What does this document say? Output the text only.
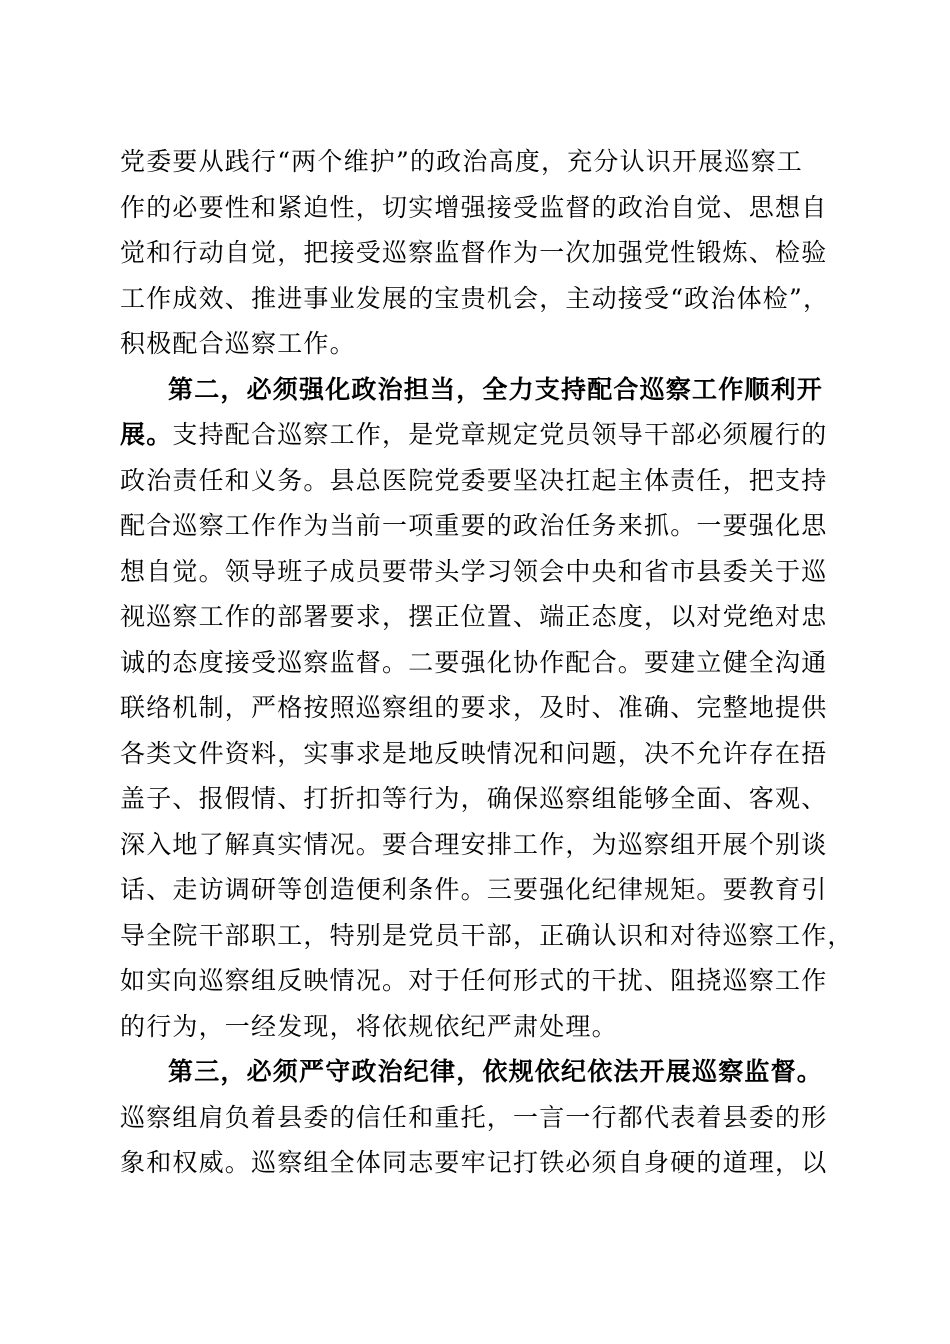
党委要从践行“两个维护”的政治高度，充分认识开展巡察工
作的必要性和紧迫性，切实增强接受监督的政治自觉、思想自
觉和行动自觉，把接受巡察监督作为一次加强党性锻炼、检验
工作成效、推进事业发展的宝贵机会，主动接受“政治体检”，
积极配合巡察工作。
第二，必须强化政治担当，全力支持配合巡察工作顺利开
展。支持配合巡察工作，是党章规定党员领导干部必须履行的
政治责任和义务。县总医院党委要坚决扛起主体责任，把支持
配合巡察工作作为当前一项重要的政治任务来抓。一要强化思
想自觉。领导班子成员要带头学习领会中央和省市县委关于巡
视巡察工作的部署要求，摆正位置、端正态度，以对党绝对忠
诚的态度接受巡察监督。二要强化协作配合。要建立健全沟通
联络机制，严格按照巡察组的要求，及时、准确、完整地提供
各类文件资料，实事求是地反映情况和问题，决不允许存在捂
盖子、报假情、打折扣等行为，确保巡察组能够全面、客观、
深入地了解真实情况。要合理安排工作，为巡察组开展个别谈
话、走访调研等创造便利条件。三要强化纪律规矩。要教育引
导全院干部职工，特别是党员干部，正确认识和对待巡察工作，
如实向巡察组反映情况。对于任何形式的干扰、阻挠巡察工作
的行为，一经发现，将依规依纪严肃处理。
第三，必须严守政治纪律，依规依纪依法开展巡察监督。
巡察组肩负着县委的信任和重托，一言一行都代表着县委的形
象和权威。巡察组全体同志要牢记打铁必须自身硬的道理，以
